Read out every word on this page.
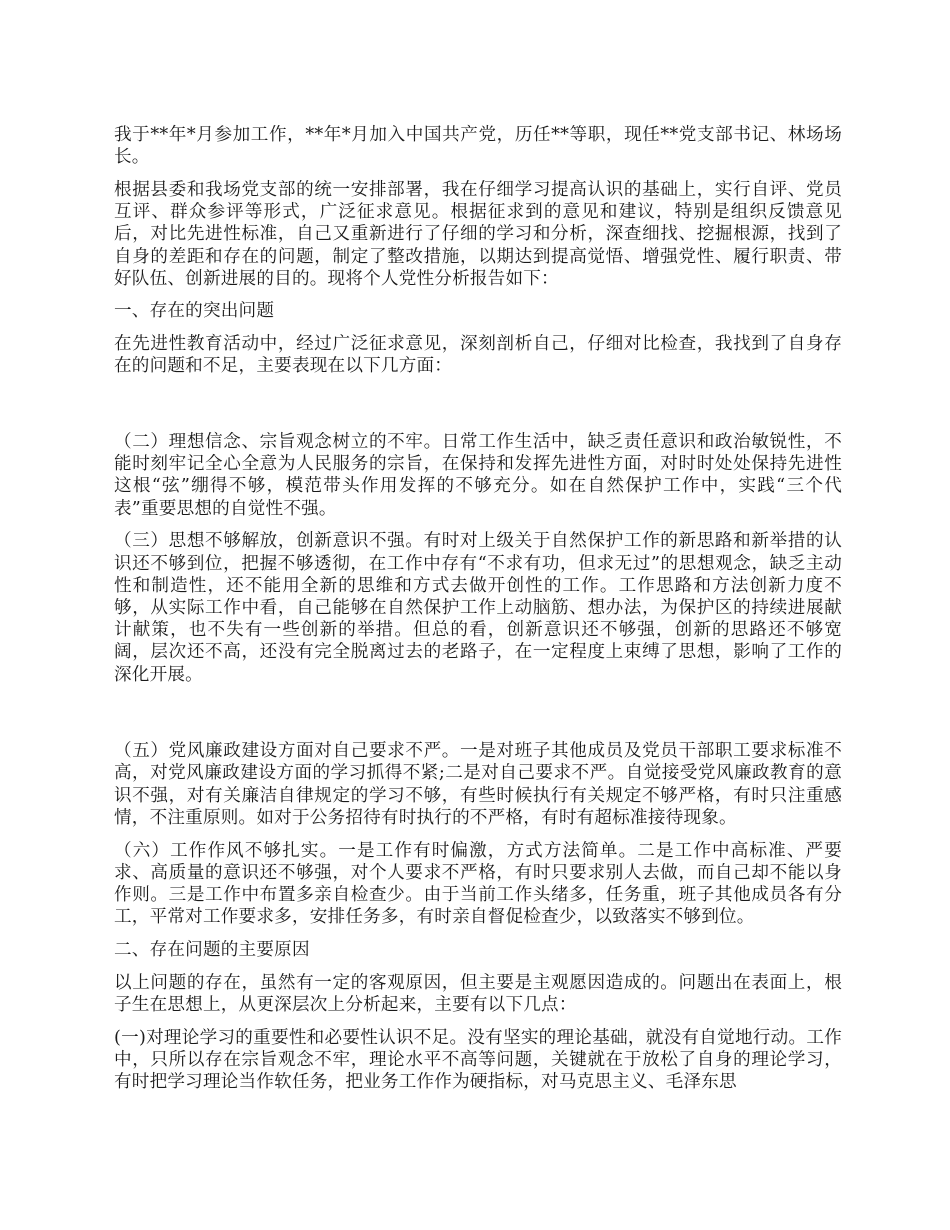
我于**年*月参加工作，**年*月加入中国共产党，历任**等职，现任**党支部书记、林场场长。

根据县委和我场党支部的统一安排部署，我在仔细学习提高认识的基础上，实行自评、党员互评、群众参评等形式，广泛征求意见。根据征求到的意见和建议，特别是组织反馈意见后，对比先进性标准，自己又重新进行了仔细的学习和分析，深查细找、挖掘根源，找到了自身的差距和存在的问题，制定了整改措施，以期达到提高觉悟、增强党性、履行职责、带好队伍、创新进展的目的。现将个人党性分析报告如下：

一、存在的突出问题

在先进性教育活动中，经过广泛征求意见，深刻剖析自己，仔细对比检查，我找到了自身存在的问题和不足，主要表现在以下几方面：

（二）理想信念、宗旨观念树立的不牢。日常工作生活中，缺乏责任意识和政治敏锐性，不能时刻牢记全心全意为人民服务的宗旨，在保持和发挥先进性方面，对时时处处保持先进性这根“弦”绷得不够，模范带头作用发挥的不够充分。如在自然保护工作中，实践“三个代表”重要思想的自觉性不强。

（三）思想不够解放，创新意识不强。有时对上级关于自然保护工作的新思路和新举措的认识还不够到位，把握不够透彻，在工作中存有“不求有功，但求无过”的思想观念，缺乏主动性和制造性，还不能用全新的思维和方式去做开创性的工作。工作思路和方法创新力度不够，从实际工作中看，自己能够在自然保护工作上动脑筋、想办法，为保护区的持续进展献计献策，也不失有一些创新的举措。但总的看，创新意识还不够强，创新的思路还不够宽阔，层次还不高，还没有完全脱离过去的老路子，在一定程度上束缚了思想，影响了工作的深化开展。

（五）党风廉政建设方面对自己要求不严。一是对班子其他成员及党员干部职工要求标准不高，对党风廉政建设方面的学习抓得不紧;二是对自己要求不严。自觉接受党风廉政教育的意识不强，对有关廉洁自律规定的学习不够，有些时候执行有关规定不够严格，有时只注重感情，不注重原则。如对于公务招待有时执行的不严格，有时有超标准接待现象。

（六）工作作风不够扎实。一是工作有时偏激，方式方法简单。二是工作中高标准、严要求、高质量的意识还不够强，对个人要求不严格，有时只要求别人去做，而自己却不能以身作则。三是工作中布置多亲自检查少。由于当前工作头绪多，任务重，班子其他成员各有分工，平常对工作要求多，安排任务多，有时亲自督促检查少，以致落实不够到位。

二、存在问题的主要原因

以上问题的存在，虽然有一定的客观原因，但主要是主观愿因造成的。问题出在表面上，根子生在思想上，从更深层次上分析起来，主要有以下几点：

(一)对理论学习的重要性和必要性认识不足。没有坚实的理论基础，就没有自觉地行动。工作中，只所以存在宗旨观念不牢，理论水平不高等问题，关键就在于放松了自身的理论学习，有时把学习理论当作软任务，把业务工作作为硬指标，对马克思主义、毛泽东思
